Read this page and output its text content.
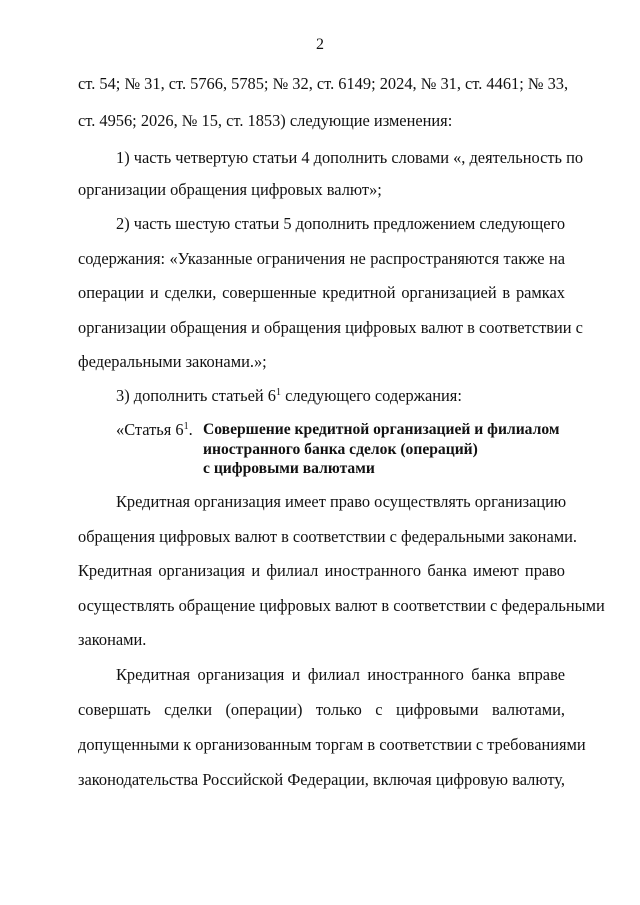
2
ст. 54; № 31, ст. 5766, 5785; № 32, ст. 6149; 2024, № 31, ст. 4461; № 33,
ст. 4956; 2026, № 15, ст. 1853) следующие изменения:
1) часть четвертую статьи 4 дополнить словами «, деятельность по
организации обращения цифровых валют»;
2) часть шестую статьи 5 дополнить предложением следующего
содержания: «Указанные ограничения не распространяются также на
операции и сделки, совершенные кредитной организацией в рамках
организации обращения и обращения цифровых валют в соответствии с
федеральными законами.»;
3) дополнить статьей $6^1$ следующего содержания:
«Статья $6^1$. Совершение кредитной организацией и филиалом
иностранного банка сделок (операций)
с цифровыми валютами
Кредитная организация имеет право осуществлять организацию
обращения цифровых валют в соответствии с федеральными законами.
Кредитная организация и филиал иностранного банка имеют право
осуществлять обращение цифровых валют в соответствии с федеральными
законами.
Кредитная организация и филиал иностранного банка вправе
совершать сделки (операции) только с цифровыми валютами,
допущенными к организованным торгам в соответствии с требованиями
законодательства Российской Федерации, включая цифровую валюту,
